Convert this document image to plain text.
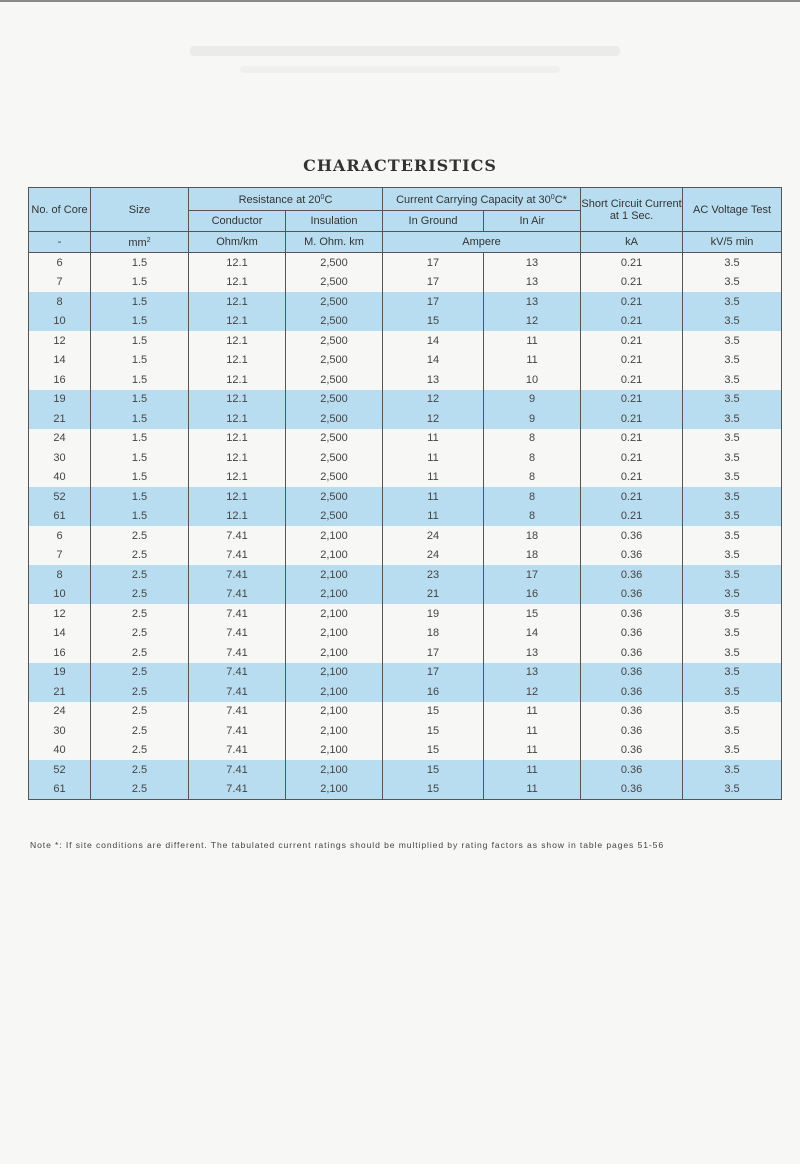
CHARACTERISTICS
No. of Core	Size	Resistance at $20^0C$		Current Carrying Capacity at $30^0C*$		Short Circuit Current at 1 Sec.	AC Voltage Test
		Conductor	Insulation	In Ground	In Air		
-	$mm^2$	Ohm/km	M. Ohm. km	Ampere		kA	kV/5 min
6	1.5	12.1	2,500	17	13	0.21	3.5
7	1.5	12.1	2,500	17	13	0.21	3.5
8	1.5	12.1	2,500	17	13	0.21	3.5
10	1.5	12.1	2,500	15	12	0.21	3.5
12	1.5	12.1	2,500	14	11	0.21	3.5
14	1.5	12.1	2,500	14	11	0.21	3.5
16	1.5	12.1	2,500	13	10	0.21	3.5
19	1.5	12.1	2,500	12	9	0.21	3.5
21	1.5	12.1	2,500	12	9	0.21	3.5
24	1.5	12.1	2,500	11	8	0.21	3.5
30	1.5	12.1	2,500	11	8	0.21	3.5
40	1.5	12.1	2,500	11	8	0.21	3.5
52	1.5	12.1	2,500	11	8	0.21	3.5
61	1.5	12.1	2,500	11	8	0.21	3.5
6	2.5	7.41	2,100	24	18	0.36	3.5
7	2.5	7.41	2,100	24	18	0.36	3.5
8	2.5	7.41	2,100	23	17	0.36	3.5
10	2.5	7.41	2,100	21	16	0.36	3.5
12	2.5	7.41	2,100	19	15	0.36	3.5
14	2.5	7.41	2,100	18	14	0.36	3.5
16	2.5	7.41	2,100	17	13	0.36	3.5
19	2.5	7.41	2,100	17	13	0.36	3.5
21	2.5	7.41	2,100	16	12	0.36	3.5
24	2.5	7.41	2,100	15	11	0.36	3.5
30	2.5	7.41	2,100	15	11	0.36	3.5
40	2.5	7.41	2,100	15	11	0.36	3.5
52	2.5	7.41	2,100	15	11	0.36	3.5
61	2.5	7.41	2,100	15	11	0.36	3.5
Note *: If site conditions are different. The tabulated current ratings should be multiplied by rating factors as show in table pages 51-56
